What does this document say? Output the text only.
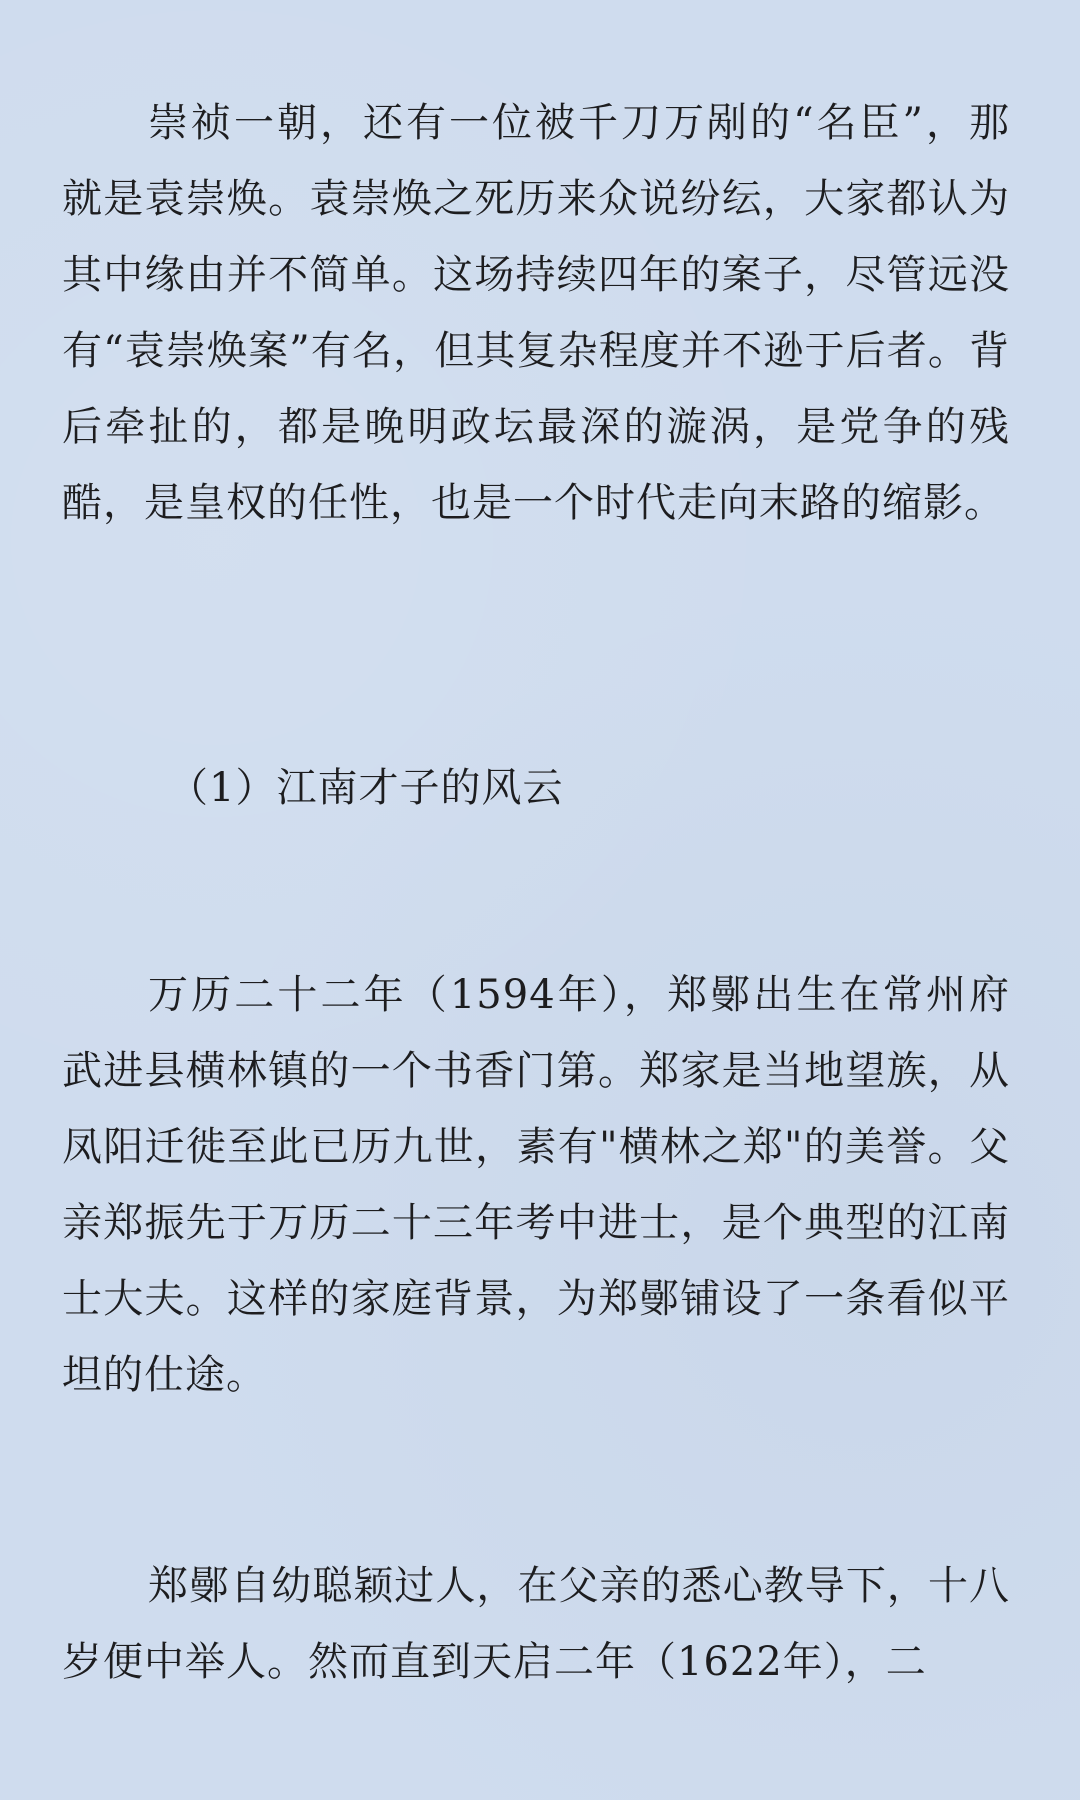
崇祯一朝，还有一位被千刀万剐的“名臣”，那就是袁崇焕。袁崇焕之死历来众说纷纭，大家都认为其中缘由并不简单。这场持续四年的案子，尽管远没有“袁崇焕案”有名，但其复杂程度并不逊于后者。背后牵扯的，都是晚明政坛最深的漩涡，是党争的残酷，是皇权的任性，也是一个时代走向末路的缩影。

（1）江南才子的风云

万历二十二年（1594年），郑鄤出生在常州府武进县横林镇的一个书香门第。郑家是当地望族，从凤阳迁徙至此已历九世，素有"横林之郑"的美誉。父亲郑振先于万历二十三年考中进士，是个典型的江南士大夫。这样的家庭背景，为郑鄤铺设了一条看似平坦的仕途。

郑鄤自幼聪颖过人，在父亲的悉心教导下，十八岁便中举人。然而直到天启二年（1622年），二
